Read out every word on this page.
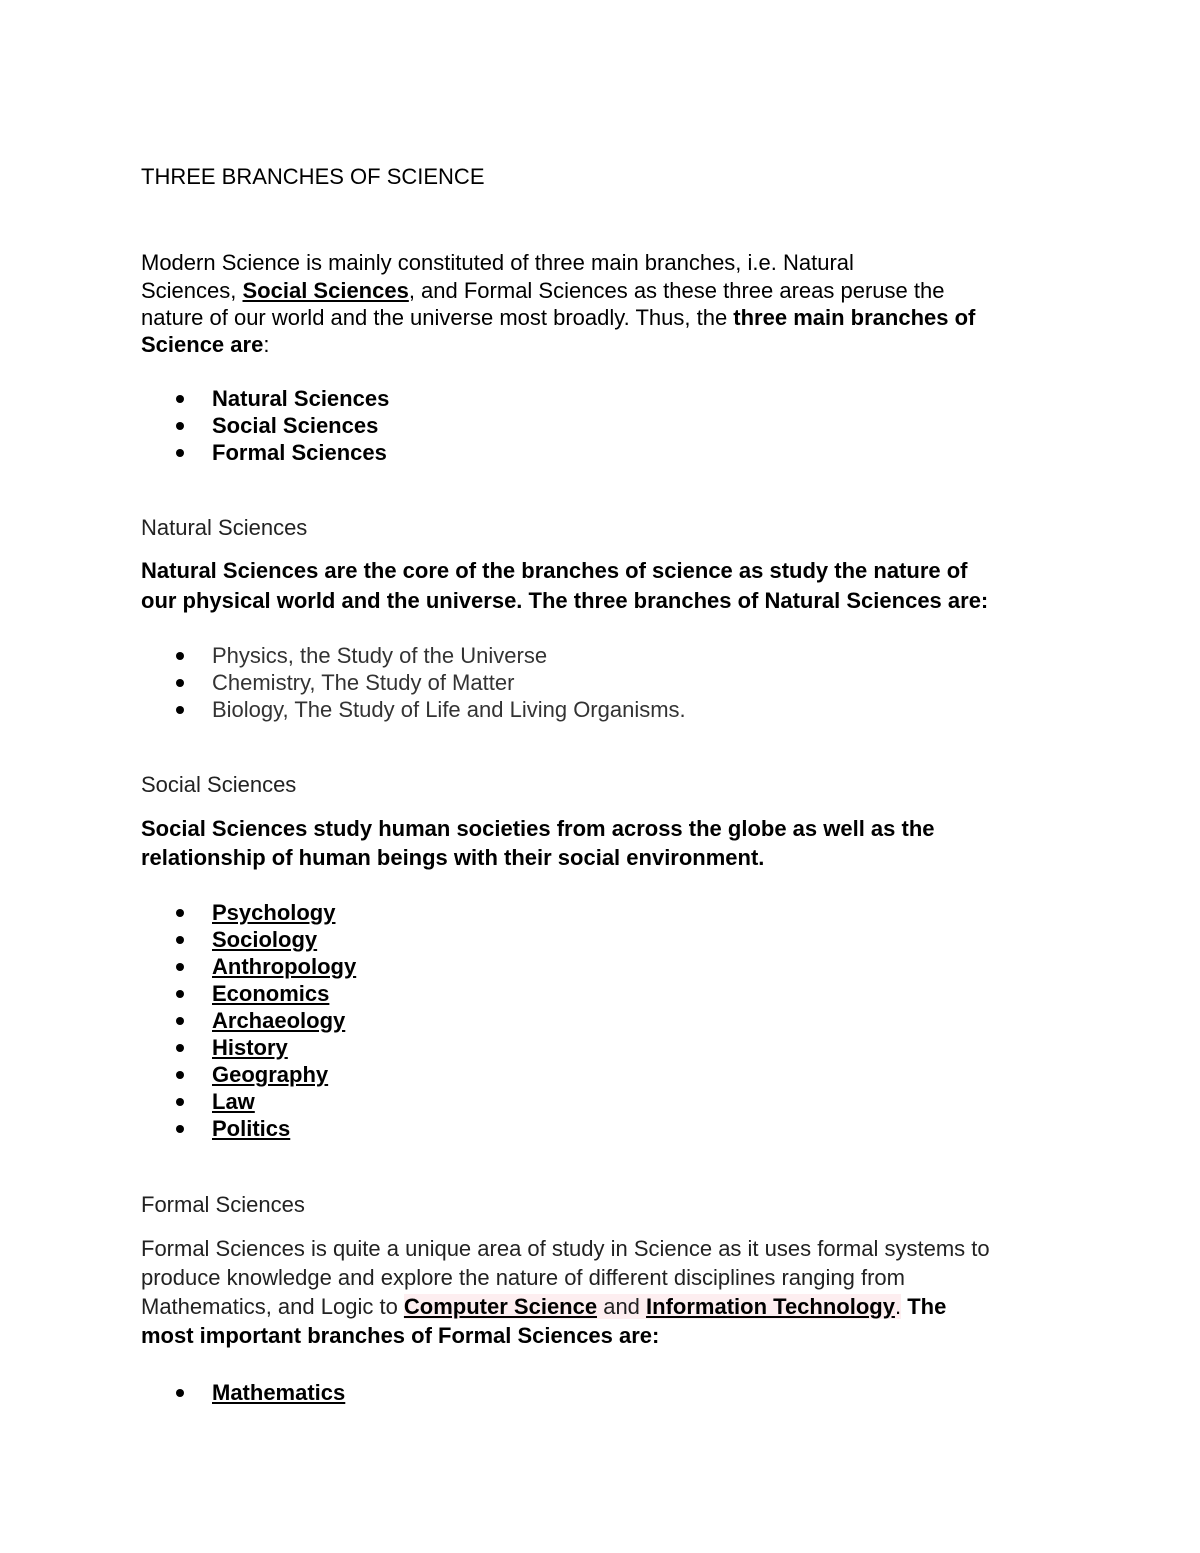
THREE BRANCHES OF SCIENCE

Modern Science is mainly constituted of three main branches, i.e. Natural

Sciences, Social Sciences, and Formal Sciences as these three areas peruse the

nature of our world and the universe most broadly. Thus, the three main branches of

Science are:

Natural Sciences
Social Sciences
Formal Sciences
Natural Sciences

Natural Sciences are the core of the branches of science as study the nature of

our physical world and the universe. The three branches of Natural Sciences are:

Physics, the Study of the Universe
Chemistry, The Study of Matter
Biology, The Study of Life and Living Organisms.
Social Sciences

Social Sciences study human societies from across the globe as well as the

relationship of human beings with their social environment.

Psychology
Sociology
Anthropology
Economics
Archaeology
History
Geography
Law
Politics
Formal Sciences

Formal Sciences is quite a unique area of study in Science as it uses formal systems to

produce knowledge and explore the nature of different disciplines ranging from

Mathematics, and Logic to Computer Science and Information Technology. The

most important branches of Formal Sciences are:

Mathematics
